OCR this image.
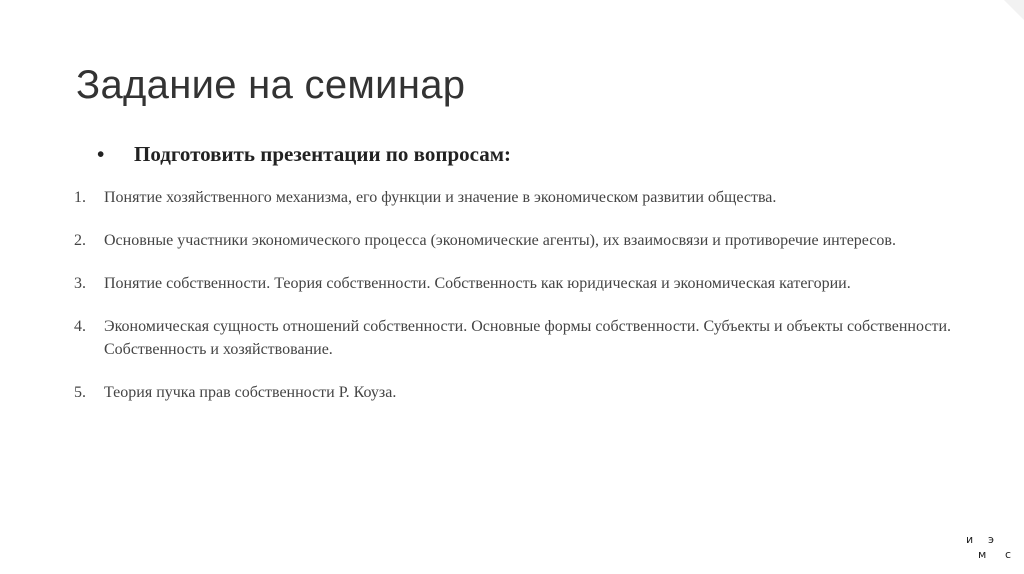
Задание на семинар
• Подготовить презентации по вопросам:
1.	Понятие хозяйственного механизма, его функции и значение в экономическом развитии общества.
2.	Основные участники экономического процесса (экономические агенты), их взаимосвязи и противоречие интересов.
3.	Понятие собственности. Теория собственности. Собственность как юридическая и экономическая категории.
4.	Экономическая сущность отношений собственности. Основные формы собственности. Субъекты и объекты собственности. Собственность и хозяйствование.
5.	Теория пучка прав собственности Р. Коуза.
и э
м с
